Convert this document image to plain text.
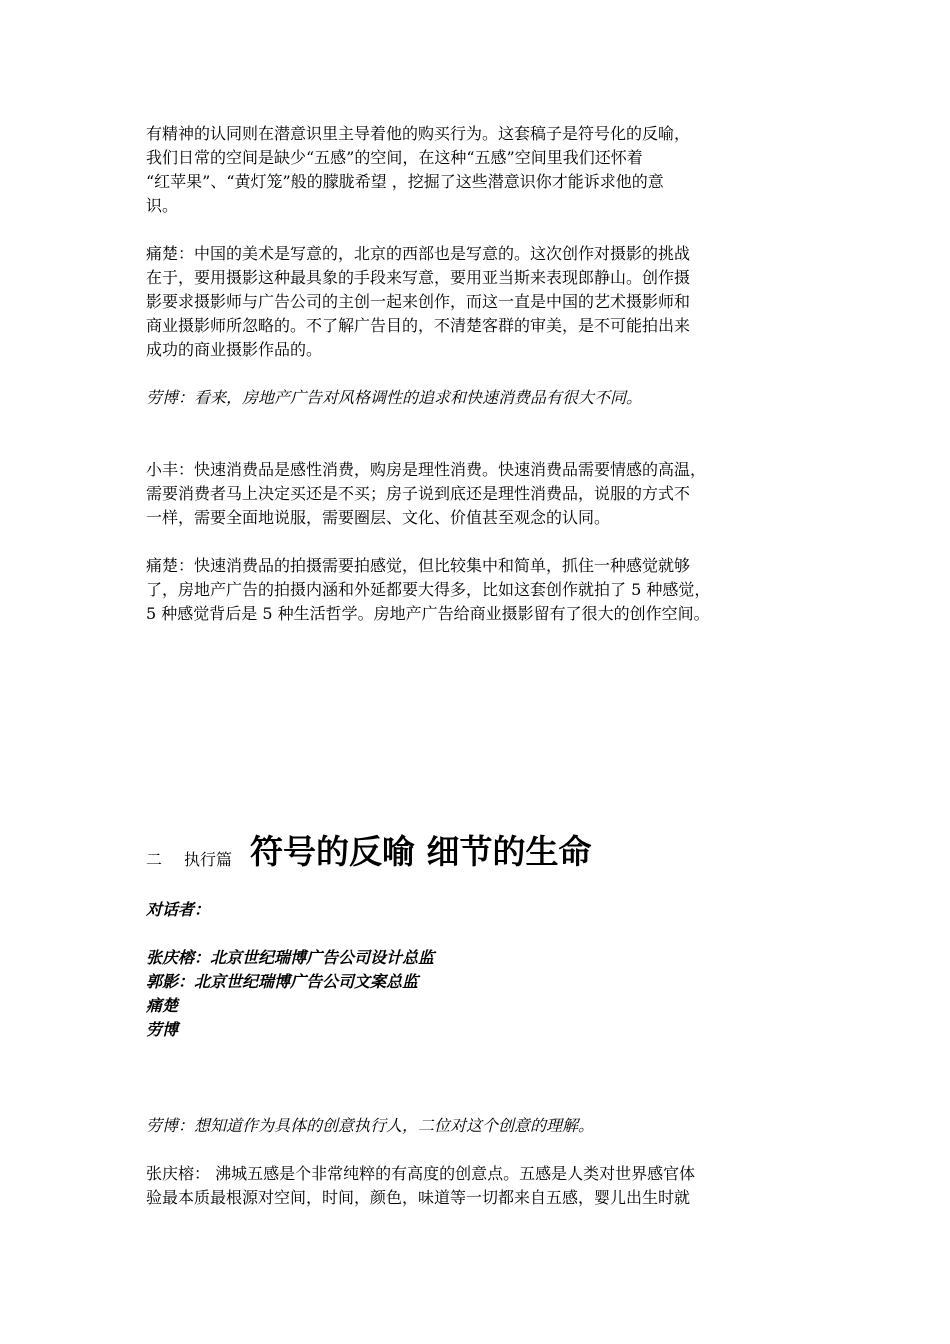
有精神的认同则在潜意识里主导着他的购买行为。这套稿子是符号化的反喻，
我们日常的空间是缺少“五感”的空间，在这种“五感”空间里我们还怀着
“红苹果”、“黄灯笼”般的朦胧希望 ，挖掘了这些潜意识你才能诉求他的意
识。

痛楚：中国的美术是写意的，北京的西部也是写意的。这次创作对摄影的挑战
在于，要用摄影这种最具象的手段来写意，要用亚当斯来表现郎静山。创作摄
影要求摄影师与广告公司的主创一起来创作，而这一直是中国的艺术摄影师和
商业摄影师所忽略的。不了解广告目的，不清楚客群的审美，是不可能拍出来
成功的商业摄影作品的。

劳博：看来，房地产广告对风格调性的追求和快速消费品有很大不同。

小丰：快速消费品是感性消费，购房是理性消费。快速消费品需要情感的高温，
需要消费者马上决定买还是不买；房子说到底还是理性消费品，说服的方式不
一样，需要全面地说服，需要圈层、文化、价值甚至观念的认同。

痛楚：快速消费品的拍摄需要拍感觉，但比较集中和简单，抓住一种感觉就够
了，房地产广告的拍摄内涵和外延都要大得多，比如这套创作就拍了 5 种感觉，
5 种感觉背后是 5 种生活哲学。房地产广告给商业摄影留有了很大的创作空间。

二 执行篇 符号的反喻 细节的生命

对话者：

张庆榕：北京世纪瑞博广告公司设计总监
郭影：北京世纪瑞博广告公司文案总监
痛楚
劳博

劳博：想知道作为具体的创意执行人，二位对这个创意的理解。

张庆榕： 沸城五感是个非常纯粹的有高度的创意点。五感是人类对世界感官体
验最本质最根源对空间，时间，颜色，味道等一切都来自五感，婴儿出生时就
